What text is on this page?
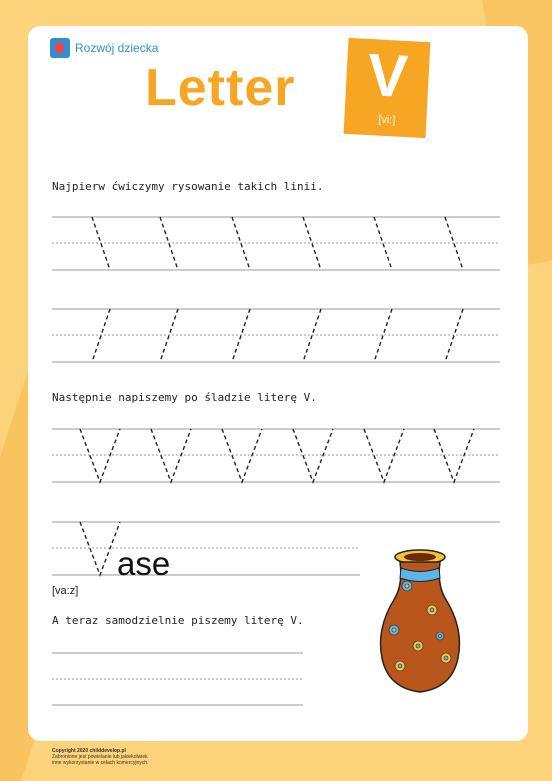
Rozwój dziecka
Letter	V
[vi:]
Najpierw ćwiczymy rysowanie takich linii.
Następnie napiszemy po śladzie literę V.
A teraz samodzielnie piszemy literę V.
[va:z]
ase
Copyright 2020 childdevelop.pl
Zabronione jest powielanie lub jakiekolwiek
inne wykorzystanie w celach komercyjnych.
